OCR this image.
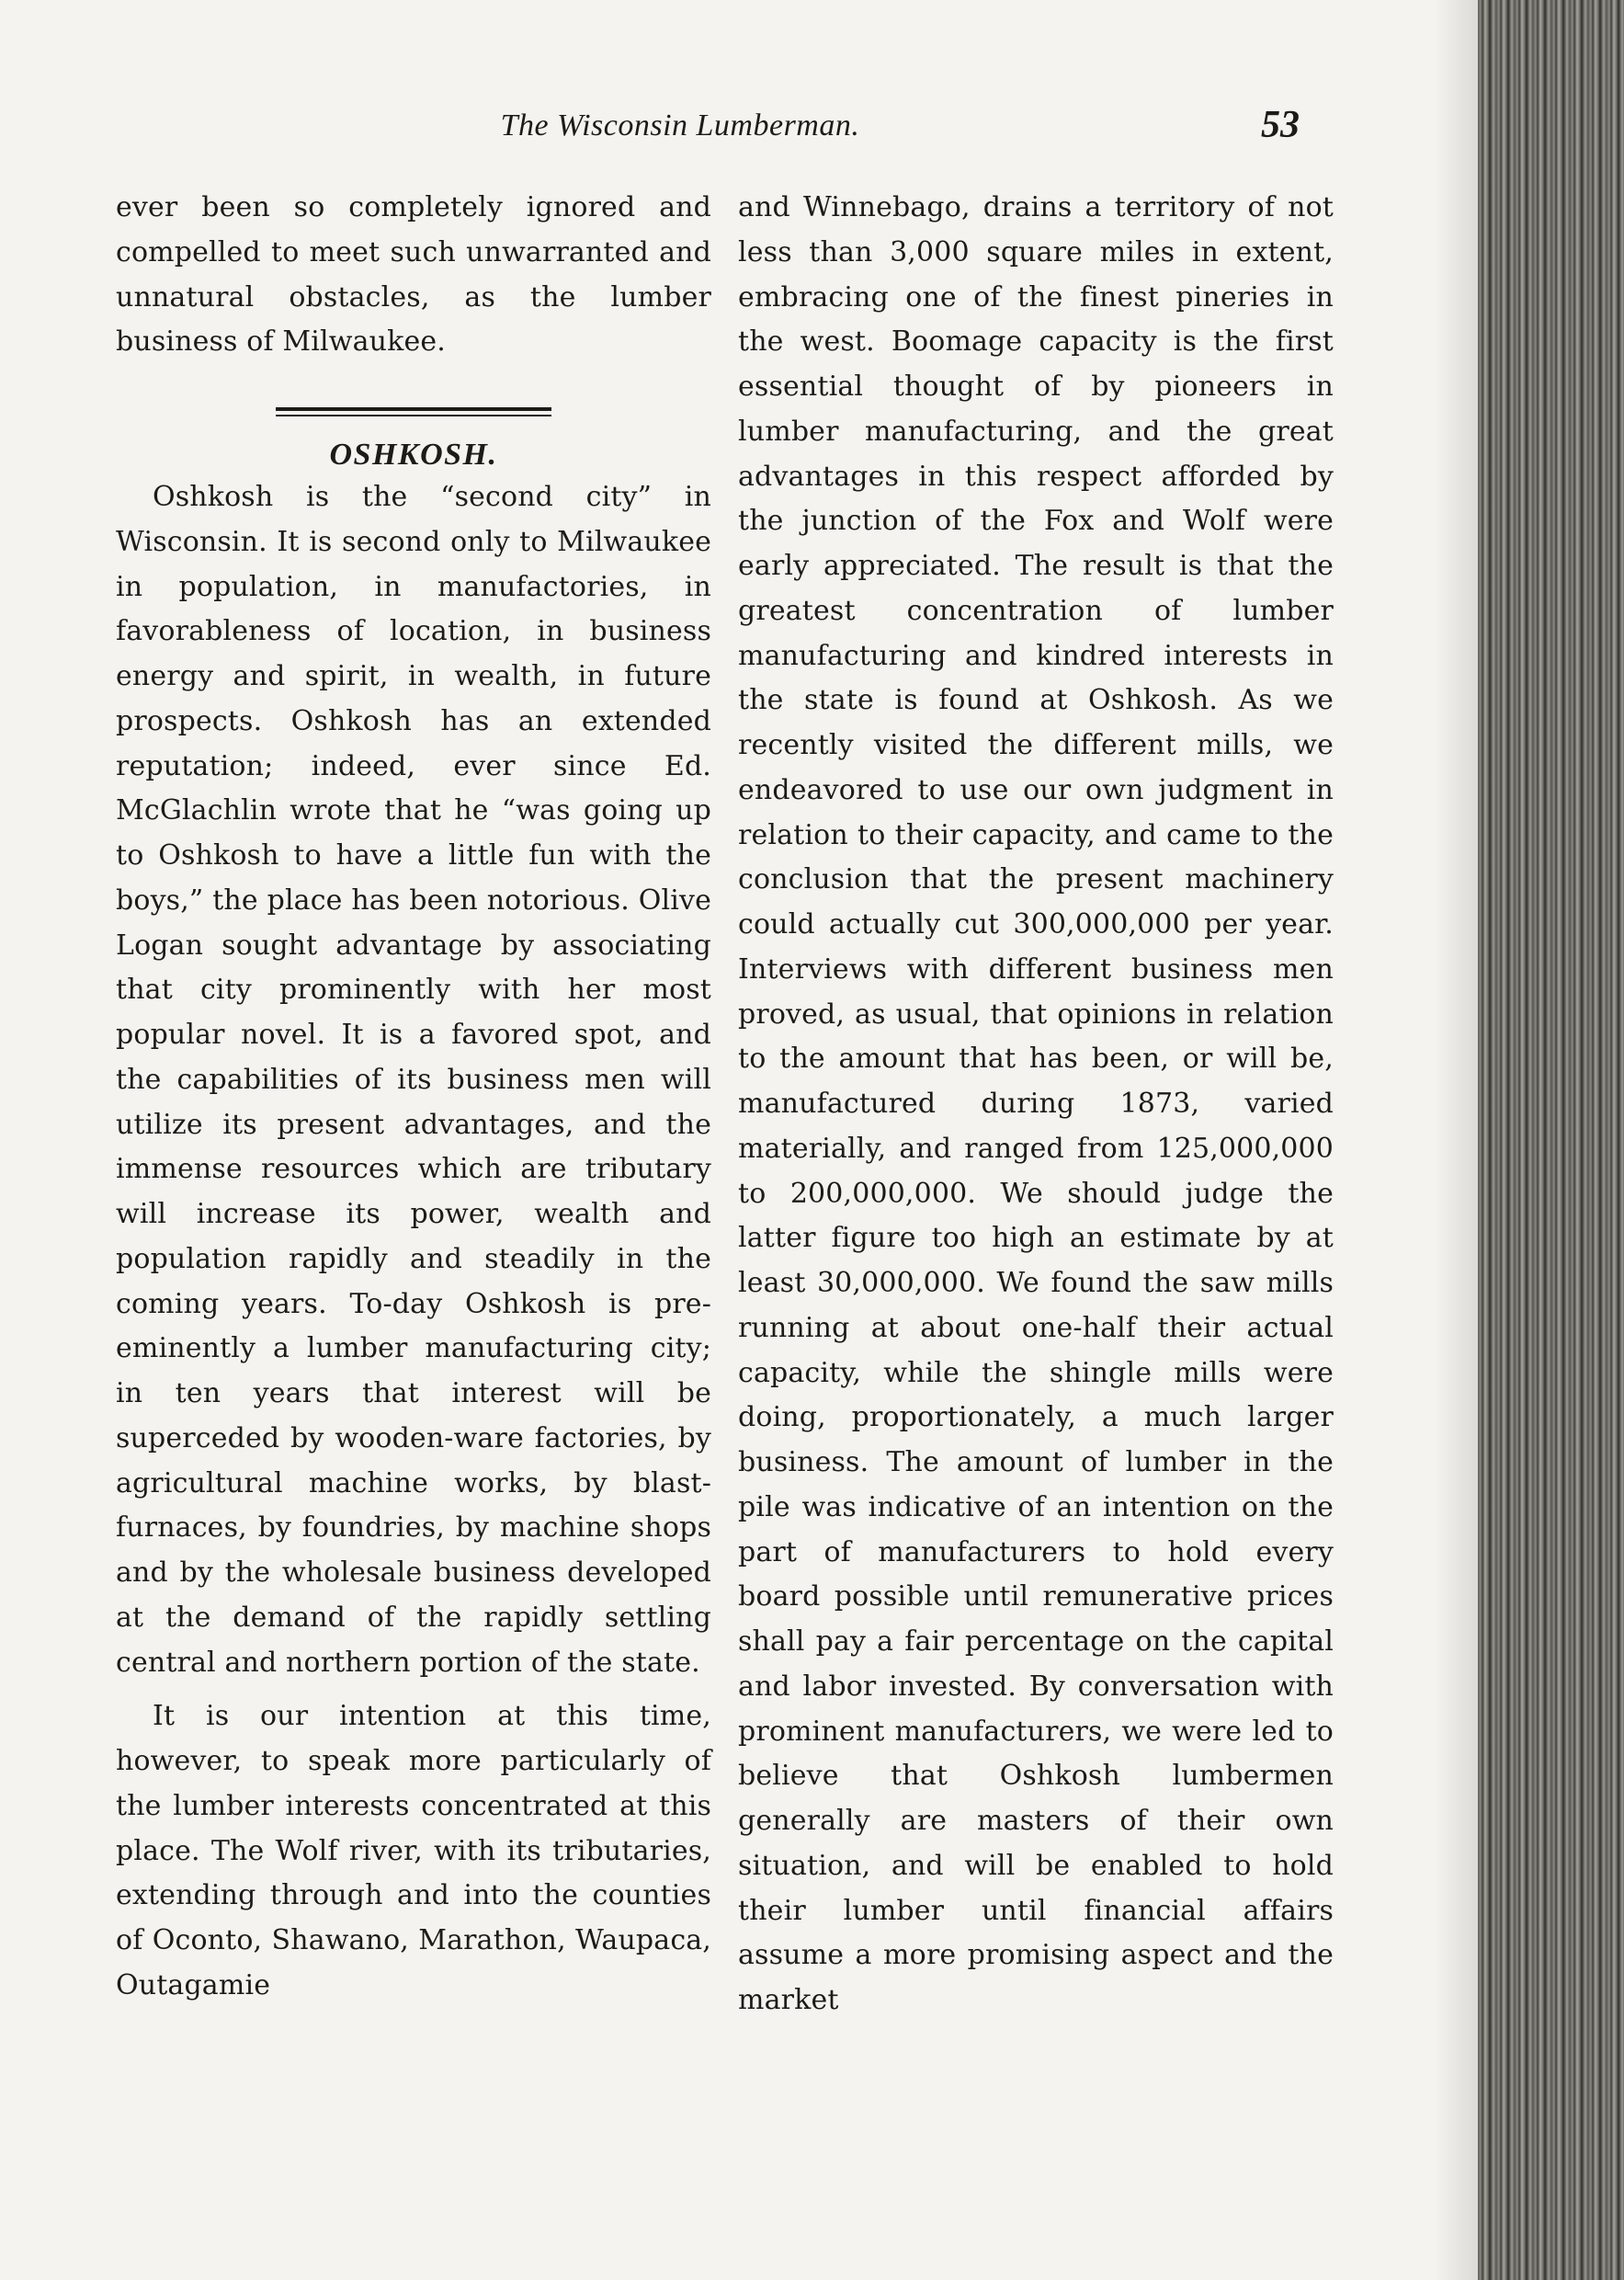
The Wisconsin Lumberman.	53

ever been so completely ignored and compelled to meet such unwarranted and unnatural obstacles, as the lumber business of Milwaukee.

OSHKOSH.

Oshkosh is the “second city” in Wisconsin. It is second only to Milwaukee in population, in manufactories, in favorableness of location, in business energy and spirit, in wealth, in future prospects. Oshkosh has an extended reputation; indeed, ever since Ed. McGlachlin wrote that he “was going up to Oshkosh to have a little fun with the boys,” the place has been notorious. Olive Logan sought advantage by associating that city prominently with her most popular novel. It is a favored spot, and the capabilities of its business men will utilize its present advantages, and the immense resources which are tributary will increase its power, wealth and population rapidly and steadily in the coming years. To-day Oshkosh is pre-eminently a lumber manufacturing city; in ten years that interest will be superceded by wooden-ware factories, by agricultural machine works, by blast-furnaces, by foundries, by machine shops and by the wholesale business developed at the demand of the rapidly settling central and northern portion of the state.

It is our intention at this time, however, to speak more particularly of the lumber interests concentrated at this place. The Wolf river, with its tributaries, extending through and into the counties of Oconto, Shawano, Marathon, Waupaca, Outagamie

and Winnebago, drains a territory of not less than 3,000 square miles in extent, embracing one of the finest pineries in the west. Boomage capacity is the first essential thought of by pioneers in lumber manufacturing, and the great advantages in this respect afforded by the junction of the Fox and Wolf were early appreciated. The result is that the greatest concentration of lumber manufacturing and kindred interests in the state is found at Oshkosh. As we recently visited the different mills, we endeavored to use our own judgment in relation to their capacity, and came to the conclusion that the present machinery could actually cut 300,000,000 per year. Interviews with different business men proved, as usual, that opinions in relation to the amount that has been, or will be, manufactured during 1873, varied materially, and ranged from 125,000,000 to 200,000,000. We should judge the latter figure too high an estimate by at least 30,000,000. We found the saw mills running at about one-half their actual capacity, while the shingle mills were doing, proportionately, a much larger business. The amount of lumber in the pile was indicative of an intention on the part of manufacturers to hold every board possible until remunerative prices shall pay a fair percentage on the capital and labor invested. By conversation with prominent manufacturers, we were led to believe that Oshkosh lumbermen generally are masters of their own situation, and will be enabled to hold their lumber until financial affairs assume a more promising aspect and the market
